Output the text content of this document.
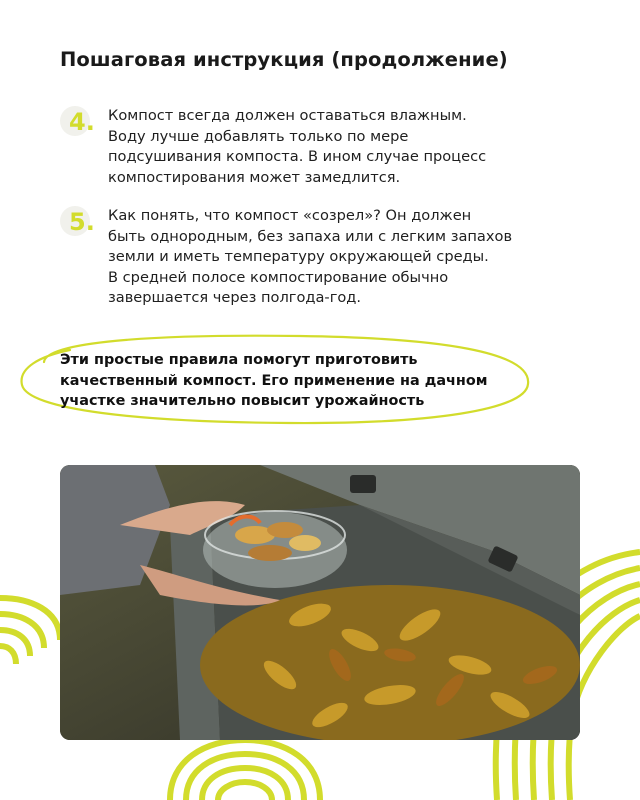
Пошаговая инструкция (продолжение)
4. Компост всегда должен оставаться влажным.
Воду лучше добавлять только по мере
подсушивания компоста. В ином случае процесс
компостирования может замедлится.

5. Как понять, что компост «созрел»? Он должен
быть однородным, без запаха или с легким запахов
земли и иметь температуру окружающей среды.
В средней полосе компостирование обычно
завершается через полгода-год.

Эти простые правила помогут приготовить
качественный компост. Его применение на дачном
участке значительно повысит урожайность
